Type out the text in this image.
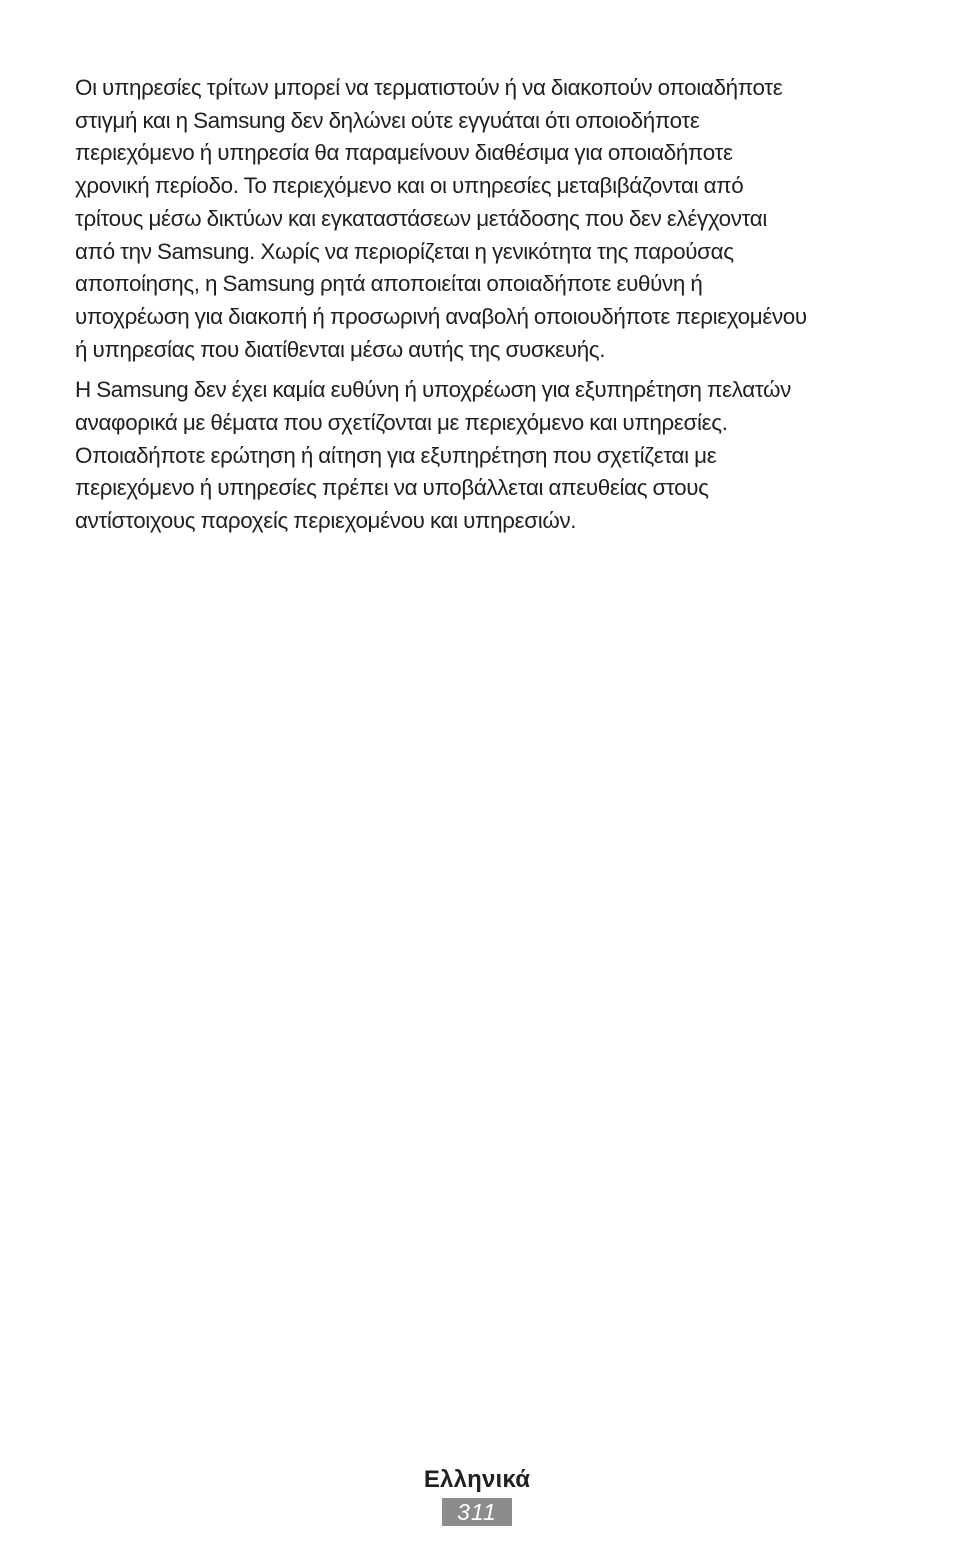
Οι υπηρεσίες τρίτων μπορεί να τερματιστούν ή να διακοπούν οποιαδήποτε
στιγμή και η Samsung δεν δηλώνει ούτε εγγυάται ότι οποιοδήποτε
περιεχόμενο ή υπηρεσία θα παραμείνουν διαθέσιμα για οποιαδήποτε
χρονική περίοδο. Το περιεχόμενο και οι υπηρεσίες μεταβιβάζονται από
τρίτους μέσω δικτύων και εγκαταστάσεων μετάδοσης που δεν ελέγχονται
από την Samsung. Χωρίς να περιορίζεται η γενικότητα της παρούσας
αποποίησης, η Samsung ρητά αποποιείται οποιαδήποτε ευθύνη ή
υποχρέωση για διακοπή ή προσωρινή αναβολή οποιουδήποτε περιεχομένου
ή υπηρεσίας που διατίθενται μέσω αυτής της συσκευής.

Η Samsung δεν έχει καμία ευθύνη ή υποχρέωση για εξυπηρέτηση πελατών
αναφορικά με θέματα που σχετίζονται με περιεχόμενο και υπηρεσίες.
Οποιαδήποτε ερώτηση ή αίτηση για εξυπηρέτηση που σχετίζεται με
περιεχόμενο ή υπηρεσίες πρέπει να υποβάλλεται απευθείας στους
αντίστοιχους παροχείς περιεχομένου και υπηρεσιών.

Ελληνικά
311
